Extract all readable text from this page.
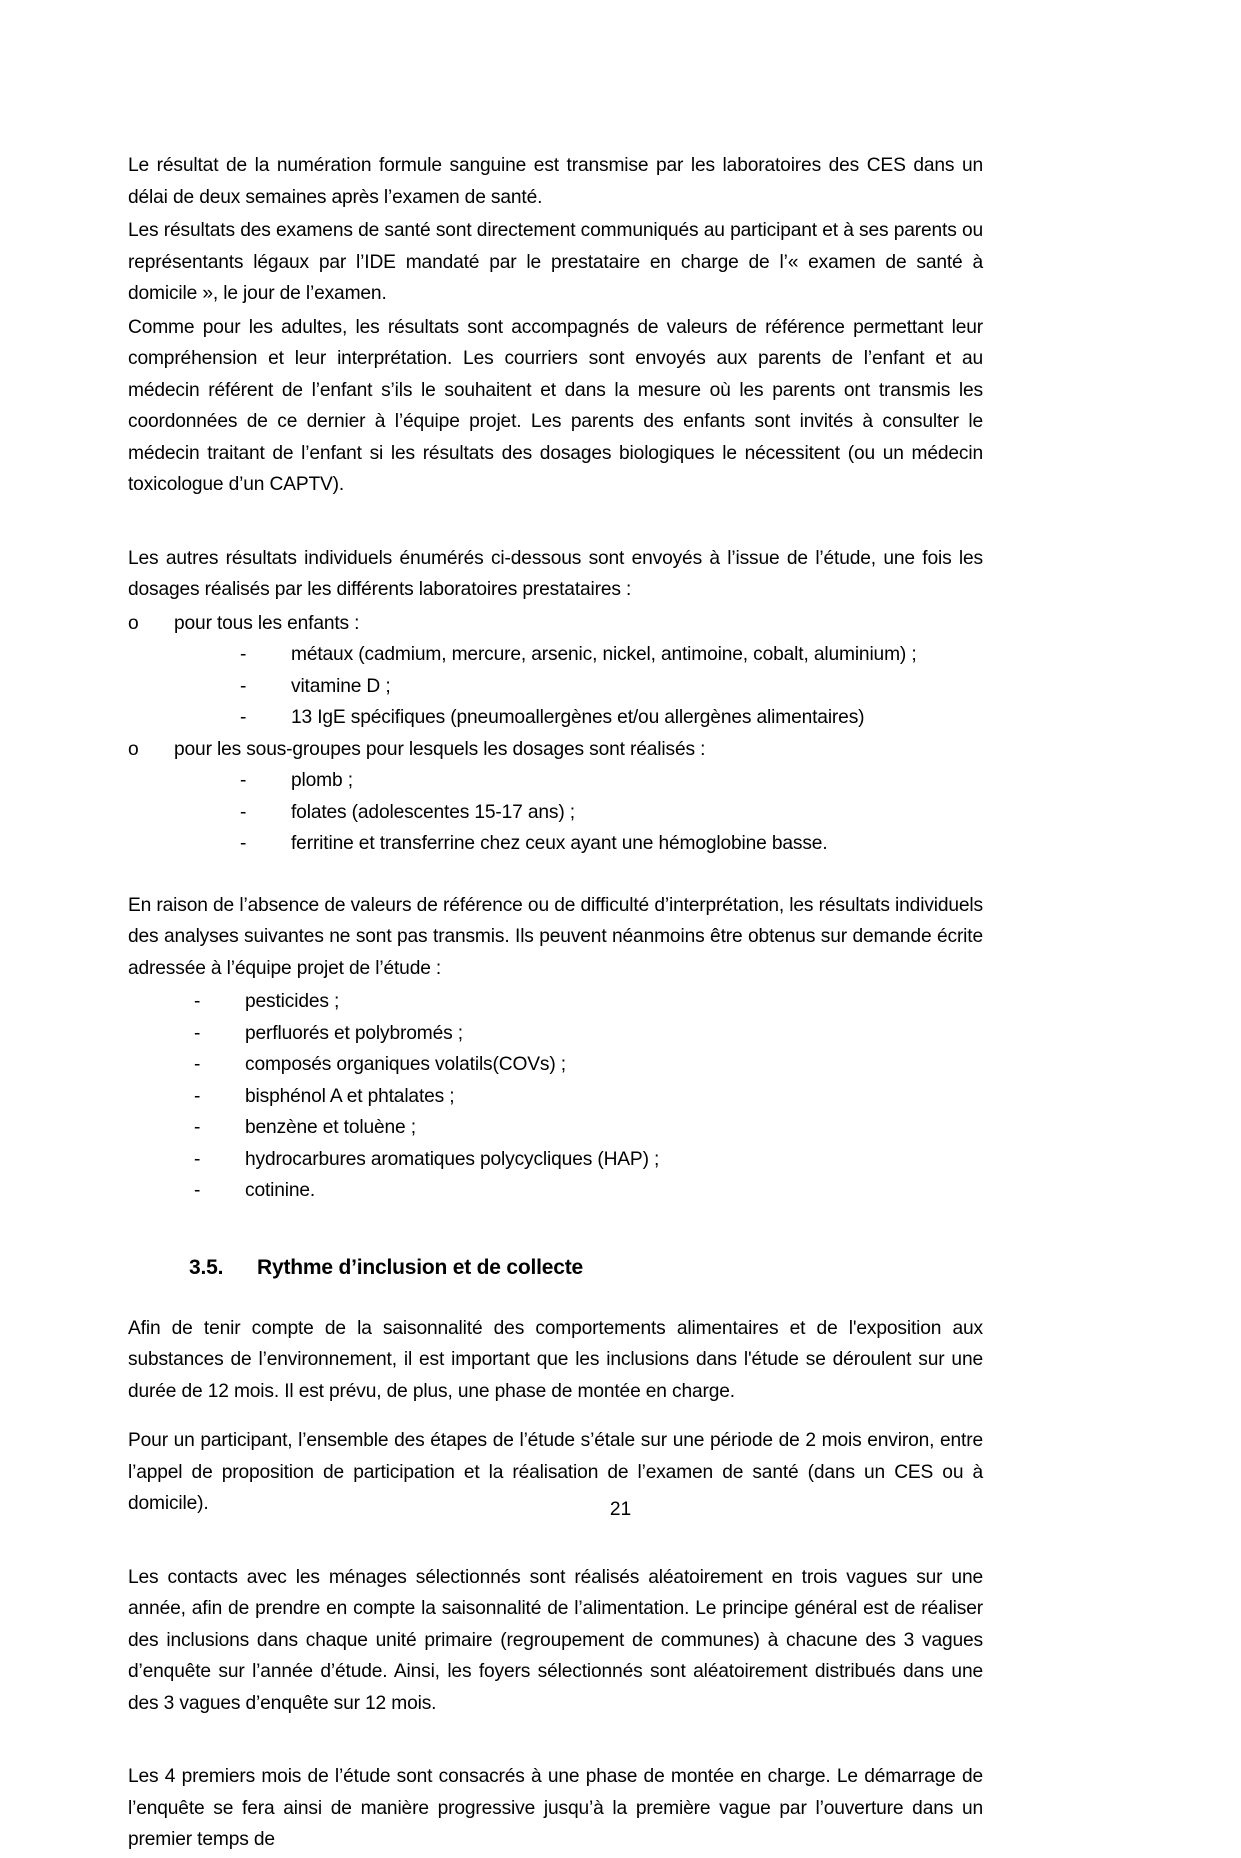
Le résultat de la numération formule sanguine est transmise par les laboratoires des CES dans un délai de deux semaines après l’examen de santé.

Les résultats des examens de santé sont directement communiqués au participant et à ses parents ou représentants légaux par l’IDE mandaté par le prestataire en charge de l’« examen de santé à domicile », le jour de l’examen.

Comme pour les adultes, les résultats sont accompagnés de valeurs de référence permettant leur compréhension et leur interprétation. Les courriers sont envoyés aux parents de l’enfant et au médecin référent de l’enfant s’ils le souhaitent et dans la mesure où les parents ont transmis les coordonnées de ce dernier à l’équipe projet. Les parents des enfants sont invités à consulter le médecin traitant de l’enfant si les résultats des dosages biologiques le nécessitent (ou un médecin toxicologue d’un CAPTV).

Les autres résultats individuels énumérés ci-dessous sont envoyés à l’issue de l’étude, une fois les dosages réalisés par les différents laboratoires prestataires :

o	pour tous les enfants :
-	métaux (cadmium, mercure, arsenic, nickel, antimoine, cobalt, aluminium) ;
-	vitamine D ;
-	13 IgE spécifiques (pneumoallergènes et/ou allergènes alimentaires)
o	pour les sous-groupes pour lesquels les dosages sont réalisés :
-	plomb ;
-	folates (adolescentes 15-17 ans) ;
-	ferritine et transferrine chez ceux ayant une hémoglobine basse.

En raison de l’absence de valeurs de référence ou de difficulté d’interprétation, les résultats individuels des analyses suivantes ne sont pas transmis. Ils peuvent néanmoins être obtenus sur demande écrite adressée à l’équipe projet de l’étude :

-	pesticides ;
-	perfluorés et polybromés ;
-	composés organiques volatils(COVs) ;
-	bisphénol A et phtalates ;
-	benzène et toluène ;
-	hydrocarbures aromatiques polycycliques (HAP) ;
-	cotinine.
3.5.	Rythme d’inclusion et de collecte

Afin de tenir compte de la saisonnalité des comportements alimentaires et de l'exposition aux substances de l’environnement, il est important que les inclusions dans l'étude se déroulent sur une durée de 12 mois. Il est prévu, de plus, une phase de montée en charge.

Pour un participant, l’ensemble des étapes de l’étude s’étale sur une période de 2 mois environ, entre l’appel de proposition de participation et la réalisation de l’examen de santé (dans un CES ou à domicile).

Les contacts avec les ménages sélectionnés sont réalisés aléatoirement en trois vagues sur une année, afin de prendre en compte la saisonnalité de l’alimentation. Le principe général est de réaliser des inclusions dans chaque unité primaire (regroupement de communes) à chacune des 3 vagues d’enquête sur l’année d’étude. Ainsi, les foyers sélectionnés sont aléatoirement distribués dans une des 3 vagues d’enquête sur 12 mois.

Les 4 premiers mois de l’étude sont consacrés à une phase de montée en charge. Le démarrage de l’enquête se fera ainsi de manière progressive jusqu’à la première vague par l’ouverture dans un premier temps de

21
